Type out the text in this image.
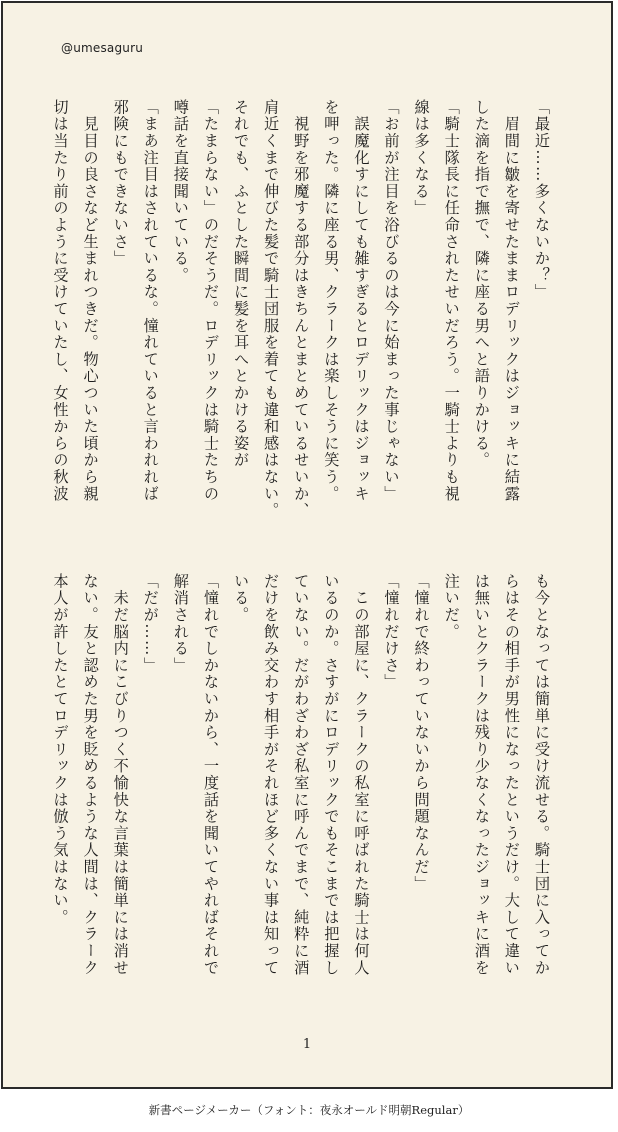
@umesaguru
「最近……多くないか？」
　眉間に皺を寄せたままロデリックはジョッキに結露
した滴を指で撫で、隣に座る男へと語りかける。
「騎士隊長に任命されたせいだろう。一騎士よりも視
線は多くなる」
「お前が注目を浴びるのは今に始まった事じゃない」
　誤魔化すにしても雑すぎるとロデリックはジョッキ
を呷った。隣に座る男、クラークは楽しそうに笑う。
　視野を邪魔する部分はきちんとまとめているせいか、
肩近くまで伸びた髪で騎士団服を着ても違和感はない。
それでも、ふとした瞬間に髪を耳へとかける姿が
「たまらない」のだそうだ。ロデリックは騎士たちの
噂話を直接聞いている。
「まあ注目はされているな。憧れていると言われれば
邪険にもできないさ」
　見目の良さなど生まれつきだ。物心ついた頃から親
切は当たり前のように受けていたし、女性からの秋波
も今となっては簡単に受け流せる。騎士団に入ってか
らはその相手が男性になったというだけ。大して違い
は無いとクラークは残り少なくなったジョッキに酒を
注いだ。
「憧れで終わっていないから問題なんだ」
「憧れだけさ」
　この部屋に、クラークの私室に呼ばれた騎士は何人
いるのか。さすがにロデリックでもそこまでは把握し
ていない。だがわざわざ私室に呼んでまで、純粋に酒
だけを飲み交わす相手がそれほど多くない事は知って
いる。
「憧れでしかないから、一度話を聞いてやればそれで
解消される」
「だが……」
　未だ脳内にこびりつく不愉快な言葉は簡単には消せ
ない。友と認めた男を貶めるような人間は、クラーク
本人が許したとてロデリックは倣う気はない。
1
新書ページメーカー（フォント：夜永オールド明朝Regular）
